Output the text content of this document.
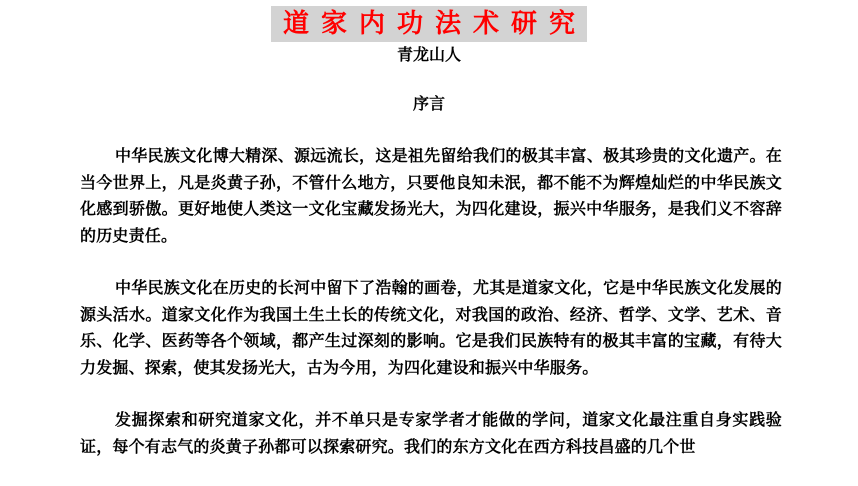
道家内功法术研究
青龙山人
序言

中华民族文化博大精深、源远流长，这是祖先留给我们的极其丰富、极其珍贵的文化遗产。在当今世界上，凡是炎黄子孙，不管什么地方，只要他良知未泯，都不能不为辉煌灿烂的中华民族文化感到骄傲。更好地使人类这一文化宝藏发扬光大，为四化建设，振兴中华服务，是我们义不容辞的历史责任。

中华民族文化在历史的长河中留下了浩翰的画卷，尤其是道家文化，它是中华民族文化发展的源头活水。道家文化作为我国土生土长的传统文化，对我国的政治、经济、哲学、文学、艺术、音乐、化学、医药等各个领域，都产生过深刻的影响。它是我们民族特有的极其丰富的宝藏，有待大力发掘、探索，使其发扬光大，古为今用，为四化建设和振兴中华服务。

发掘探索和研究道家文化，并不单只是专家学者才能做的学问，道家文化最注重自身实践验证，每个有志气的炎黄子孙都可以探索研究。我们的东方文化在西方科技昌盛的几个世
